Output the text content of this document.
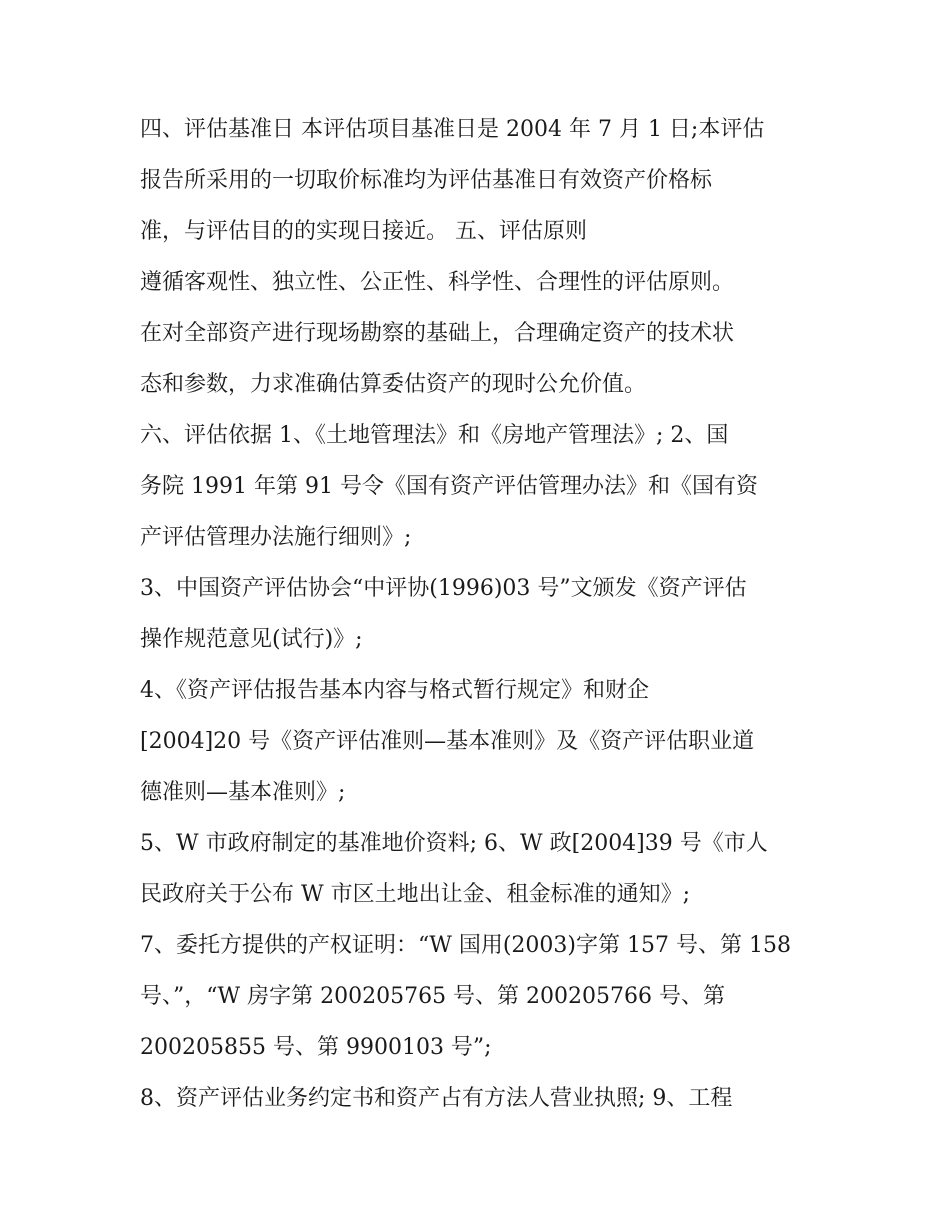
四、评估基准日 本评估项目基准日是 2004 年 7 月 1 日;本评估
报告所采用的一切取价标准均为评估基准日有效资产价格标
准，与评估目的的实现日接近。 五、评估原则
遵循客观性、独立性、公正性、科学性、合理性的评估原则。
在对全部资产进行现场勘察的基础上，合理确定资产的技术状
态和参数，力求准确估算委估资产的现时公允价值。
六、评估依据 1、《土地管理法》和《房地产管理法》; 2、国
务院 1991 年第 91 号令《国有资产评估管理办法》和《国有资
产评估管理办法施行细则》;
3、中国资产评估协会“中评协(1996)03 号”文颁发《资产评估
操作规范意见(试行)》;
4、《资产评估报告基本内容与格式暂行规定》和财企
[2004]20 号《资产评估准则—基本准则》及《资产评估职业道
德准则—基本准则》;
5、W 市政府制定的基准地价资料; 6、W 政[2004]39 号《市人
民政府关于公布 W 市区土地出让金、租金标准的通知》;
7、委托方提供的产权证明：“W 国用(2003)字第 157 号、第 158
号、”，“W 房字第 200205765 号、第 200205766 号、第
200205855 号、第 9900103 号”;
8、资产评估业务约定书和资产占有方法人营业执照; 9、工程
